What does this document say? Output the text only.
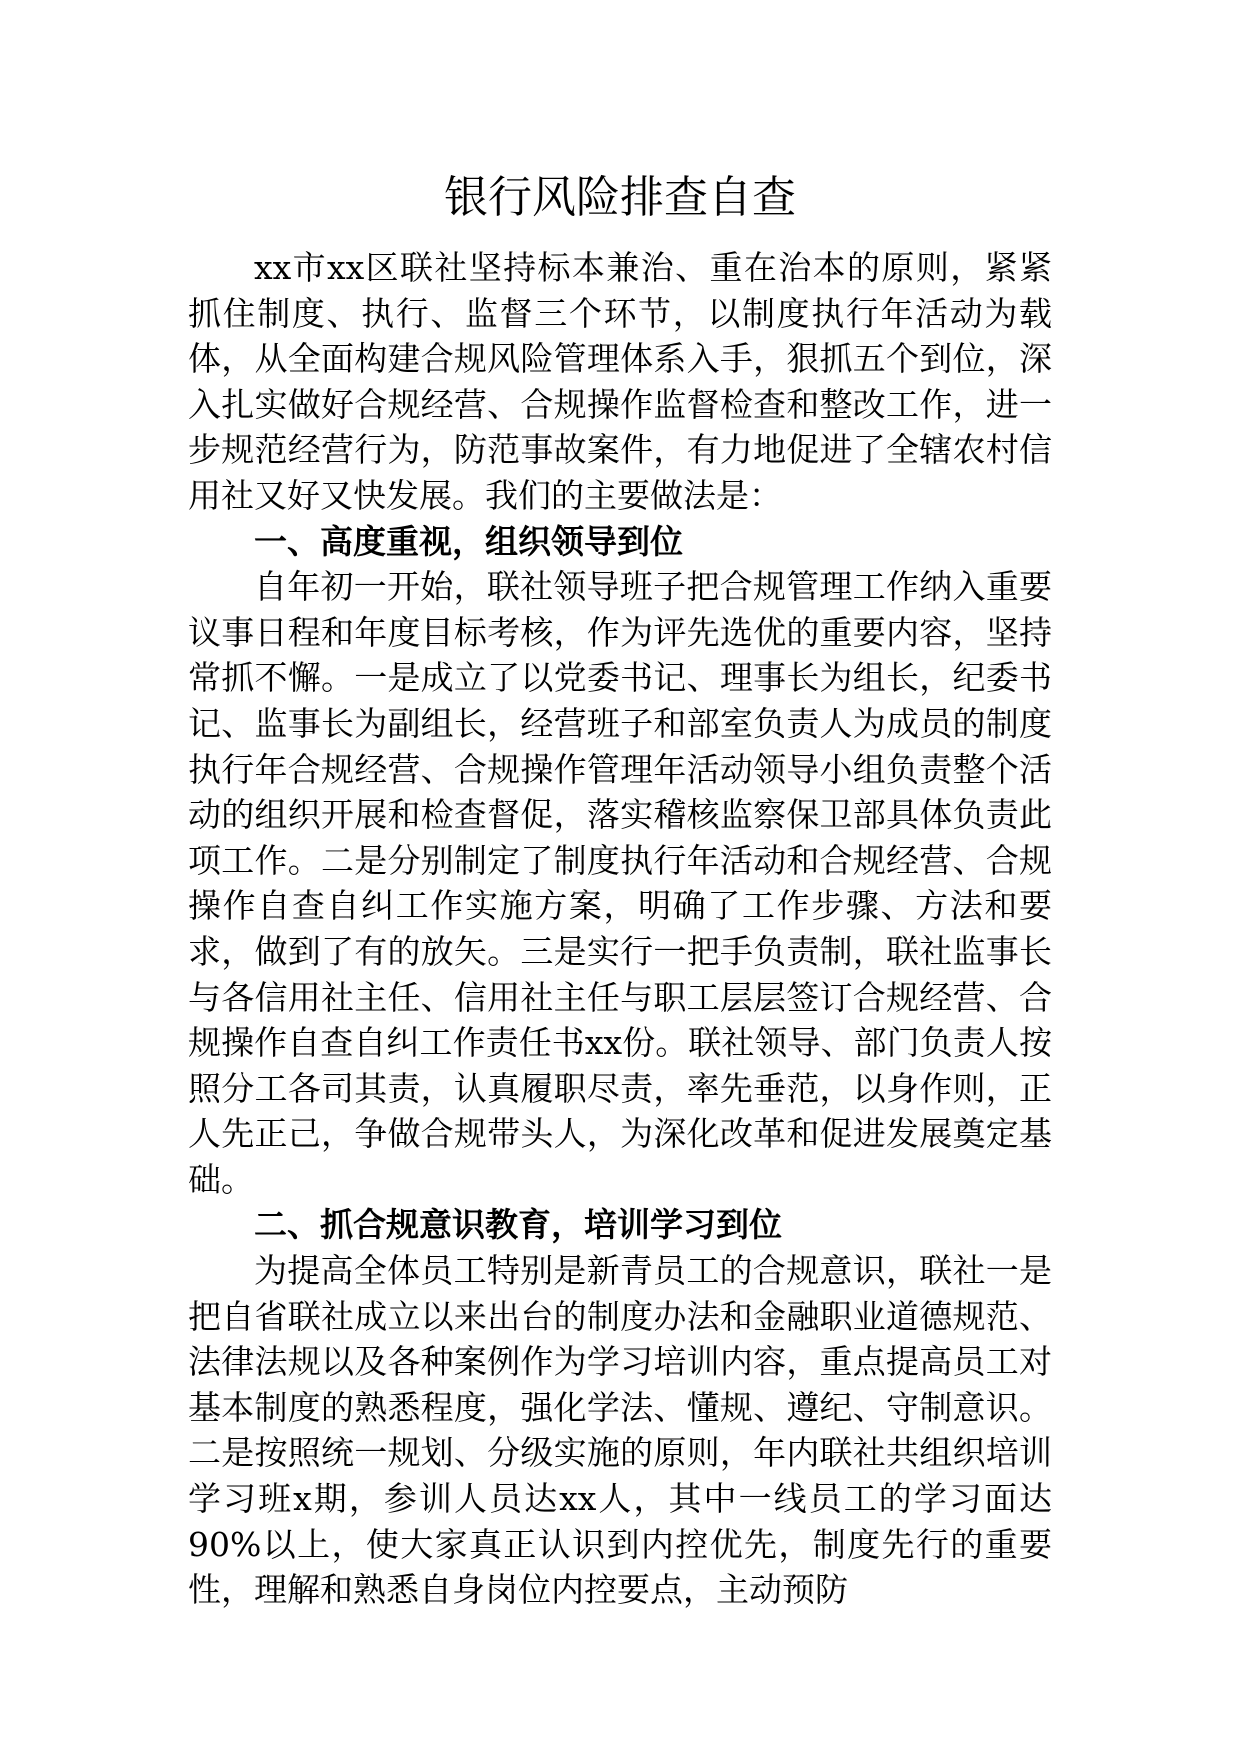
银行风险排查自查

xx市xx区联社坚持标本兼治、重在治本的原则，紧紧抓住制度、执行、监督三个环节，以制度执行年活动为载体，从全面构建合规风险管理体系入手，狠抓五个到位，深入扎实做好合规经营、合规操作监督检查和整改工作，进一步规范经营行为，防范事故案件，有力地促进了全辖农村信用社又好又快发展。我们的主要做法是：

一、高度重视，组织领导到位

自年初一开始，联社领导班子把合规管理工作纳入重要议事日程和年度目标考核，作为评先选优的重要内容，坚持常抓不懈。一是成立了以党委书记、理事长为组长，纪委书记、监事长为副组长，经营班子和部室负责人为成员的制度执行年合规经营、合规操作管理年活动领导小组负责整个活动的组织开展和检查督促，落实稽核监察保卫部具体负责此项工作。二是分别制定了制度执行年活动和合规经营、合规操作自查自纠工作实施方案，明确了工作步骤、方法和要求，做到了有的放矢。三是实行一把手负责制，联社监事长与各信用社主任、信用社主任与职工层层签订合规经营、合规操作自查自纠工作责任书xx份。联社领导、部门负责人按照分工各司其责，认真履职尽责，率先垂范，以身作则，正人先正己，争做合规带头人，为深化改革和促进发展奠定基础。

二、抓合规意识教育，培训学习到位

为提高全体员工特别是新青员工的合规意识，联社一是把自省联社成立以来出台的制度办法和金融职业道德规范、法律法规以及各种案例作为学习培训内容，重点提高员工对基本制度的熟悉程度，强化学法、懂规、遵纪、守制意识。二是按照统一规划、分级实施的原则，年内联社共组织培训学习班x期，参训人员达xx人，其中一线员工的学习面达90%以上，使大家真正认识到内控优先，制度先行的重要性，理解和熟悉自身岗位内控要点，主动预防
